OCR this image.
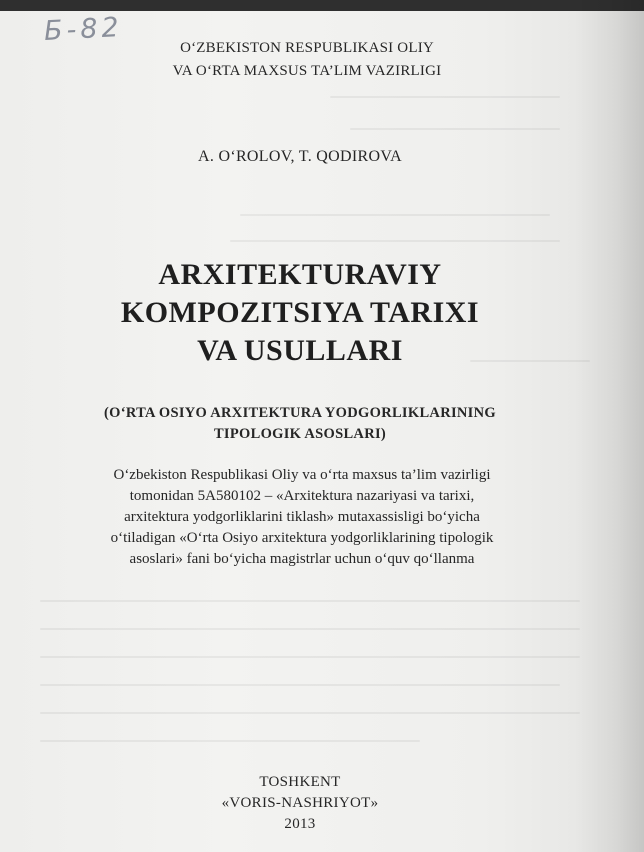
Б-82
O‘ZBEKISTON RESPUBLIKASI OLIY
VA O‘RTA MAXSUS TA’LIM VAZIRLIGI
A. O‘ROLOV, T. QODIROVA
ARXITEKTURAVIY
KOMPOZITSIYA TARIXI
VA USULLARI
(O‘RTA OSIYO ARXITEKTURA YODGORLIKLARINING
TIPOLOGIK ASOSLARI)
O‘zbekiston Respublikasi Oliy va o‘rta maxsus ta’lim vazirligi
tomonidan 5A580102 – «Arxitektura nazariyasi va tarixi,
arxitektura yodgorliklarini tiklash» mutaxassisligi bo‘yicha
o‘tiladigan «O‘rta Osiyo arxitektura yodgorliklarining tipologik
asoslari» fani bo‘yicha magistrlar uchun o‘quv qo‘llanma
TOSHKENT
«VORIS-NASHRIYOT»
2013
